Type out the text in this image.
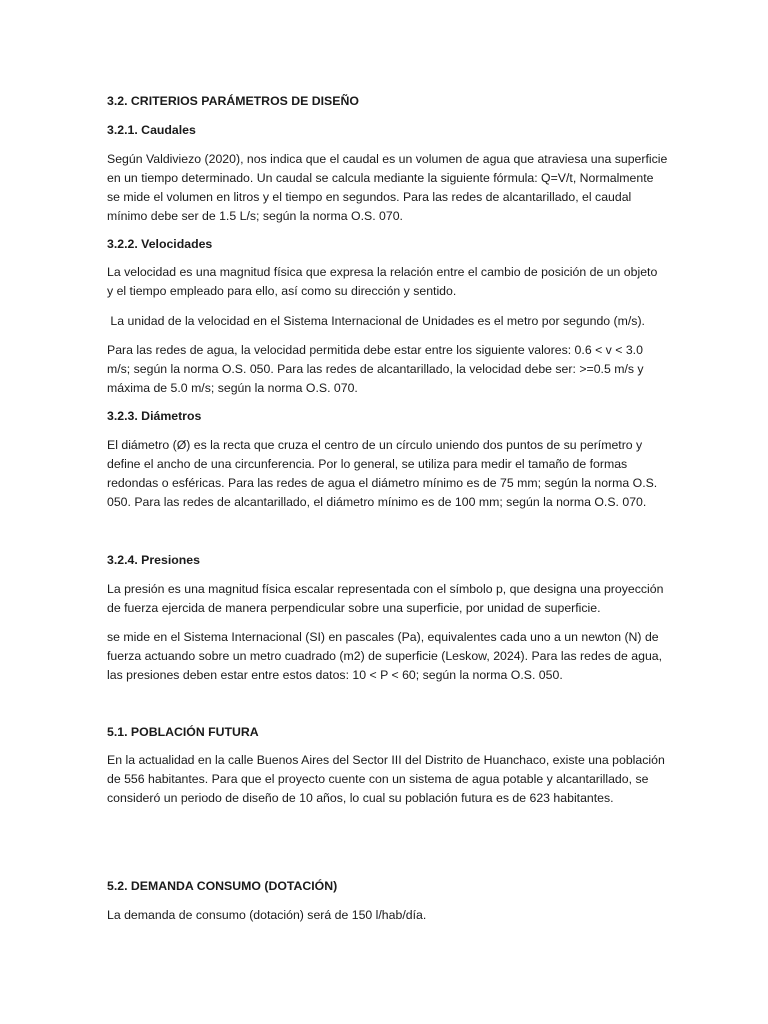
3.2. CRITERIOS PARÁMETROS DE DISEÑO
3.2.1. Caudales
Según Valdiviezo (2020), nos indica que el caudal es un volumen de agua que atraviesa una superficie
en un tiempo determinado. Un caudal se calcula mediante la siguiente fórmula: Q=V/t, Normalmente
se mide el volumen en litros y el tiempo en segundos. Para las redes de alcantarillado, el caudal
mínimo debe ser de 1.5 L/s; según la norma O.S. 070.
3.2.2. Velocidades
La velocidad es una magnitud física que expresa la relación entre el cambio de posición de un objeto
y el tiempo empleado para ello, así como su dirección y sentido.
La unidad de la velocidad en el Sistema Internacional de Unidades es el metro por segundo (m/s).
Para las redes de agua, la velocidad permitida debe estar entre los siguiente valores: 0.6 < v < 3.0
m/s; según la norma O.S. 050. Para las redes de alcantarillado, la velocidad debe ser: >=0.5 m/s y
máxima de 5.0 m/s; según la norma O.S. 070.
3.2.3. Diámetros
El diámetro (Ø) es la recta que cruza el centro de un círculo uniendo dos puntos de su perímetro y
define el ancho de una circunferencia. Por lo general, se utiliza para medir el tamaño de formas
redondas o esféricas. Para las redes de agua el diámetro mínimo es de 75 mm; según la norma O.S.
050. Para las redes de alcantarillado, el diámetro mínimo es de 100 mm; según la norma O.S. 070.
3.2.4. Presiones
La presión es una magnitud física escalar representada con el símbolo p, que designa una proyección
de fuerza ejercida de manera perpendicular sobre una superficie, por unidad de superficie.
se mide en el Sistema Internacional (SI) en pascales (Pa), equivalentes cada uno a un newton (N) de
fuerza actuando sobre un metro cuadrado (m2) de superficie (Leskow, 2024). Para las redes de agua,
las presiones deben estar entre estos datos: 10 < P < 60; según la norma O.S. 050.
5.1. POBLACIÓN FUTURA
En la actualidad en la calle Buenos Aires del Sector III del Distrito de Huanchaco, existe una población
de 556 habitantes. Para que el proyecto cuente con un sistema de agua potable y alcantarillado, se
consideró un periodo de diseño de 10 años, lo cual su población futura es de 623 habitantes.
5.2. DEMANDA CONSUMO (DOTACIÓN)
La demanda de consumo (dotación) será de 150 l/hab/día.
